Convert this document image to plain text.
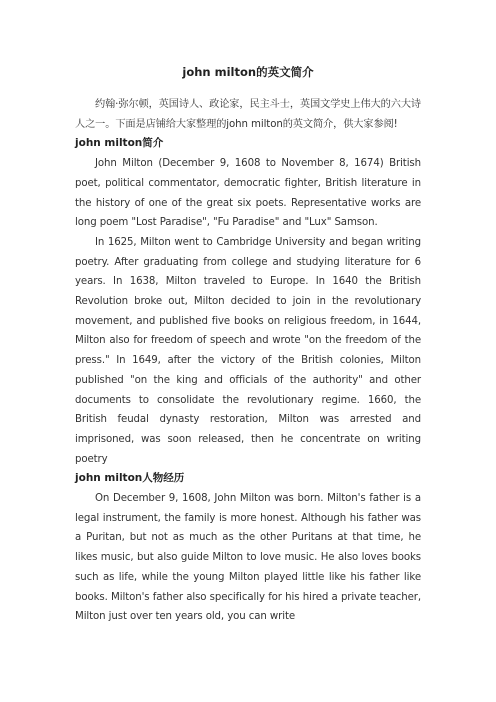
john milton的英文简介

约翰·弥尔顿，英国诗人、政论家，民主斗士，英国文学史上伟大的六大诗人之一。下面是店铺给大家整理的john milton的英文简介，供大家参阅!

john milton简介

John Milton (December 9, 1608 to November 8, 1674) British poet, political commentator, democratic fighter, British literature in the history of one of the great six poets. Representative works are long poem "Lost Paradise", "Fu Paradise" and "Lux" Samson.

In 1625, Milton went to Cambridge University and began writing poetry. After graduating from college and studying literature for 6 years. In 1638, Milton traveled to Europe. In 1640 the British Revolution broke out, Milton decided to join in the revolutionary movement, and published five books on religious freedom, in 1644, Milton also for freedom of speech and wrote "on the freedom of the press." In 1649, after the victory of the British colonies, Milton published "on the king and officials of the authority" and other documents to consolidate the revolutionary regime. 1660, the British feudal dynasty restoration, Milton was arrested and imprisoned, was soon released, then he concentrate on writing poetry

john milton人物经历

On December 9, 1608, John Milton was born. Milton's father is a legal instrument, the family is more honest. Although his father was a Puritan, but not as much as the other Puritans at that time, he likes music, but also guide Milton to love music. He also loves books such as life, while the young Milton played little like his father like books. Milton's father also specifically for his hired a private teacher, Milton just over ten years old, you can write
